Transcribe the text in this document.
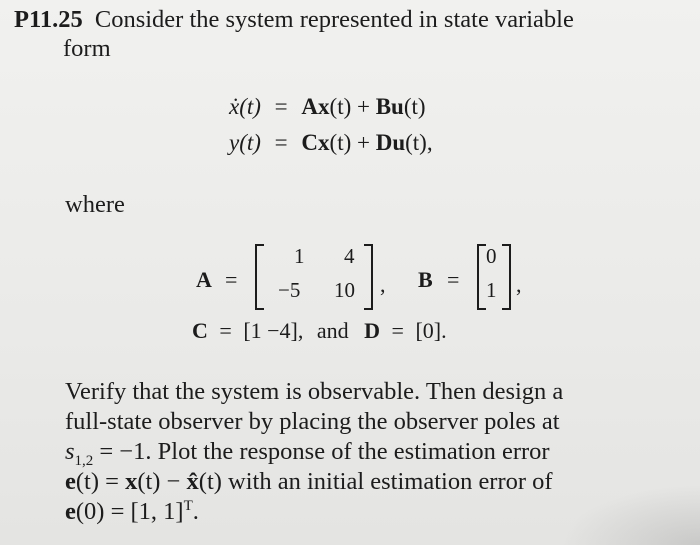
P11.25 Consider the system represented in state variable
form
ẋ(t) = Ax(t) + Bu(t)
y(t) = Cx(t) + Du(t),
where
A =
1 4
−5 10 , B =
0
1 ,
C = [1 −4], and D = [0].
Verify that the system is observable. Then design a
full-state observer by placing the observer poles at
$s_{1,2} = -1$. Plot the response of the estimation error
e(t) = x(t) − x̂(t) with an initial estimation error of
e(0) = [1, 1]$^T$.
